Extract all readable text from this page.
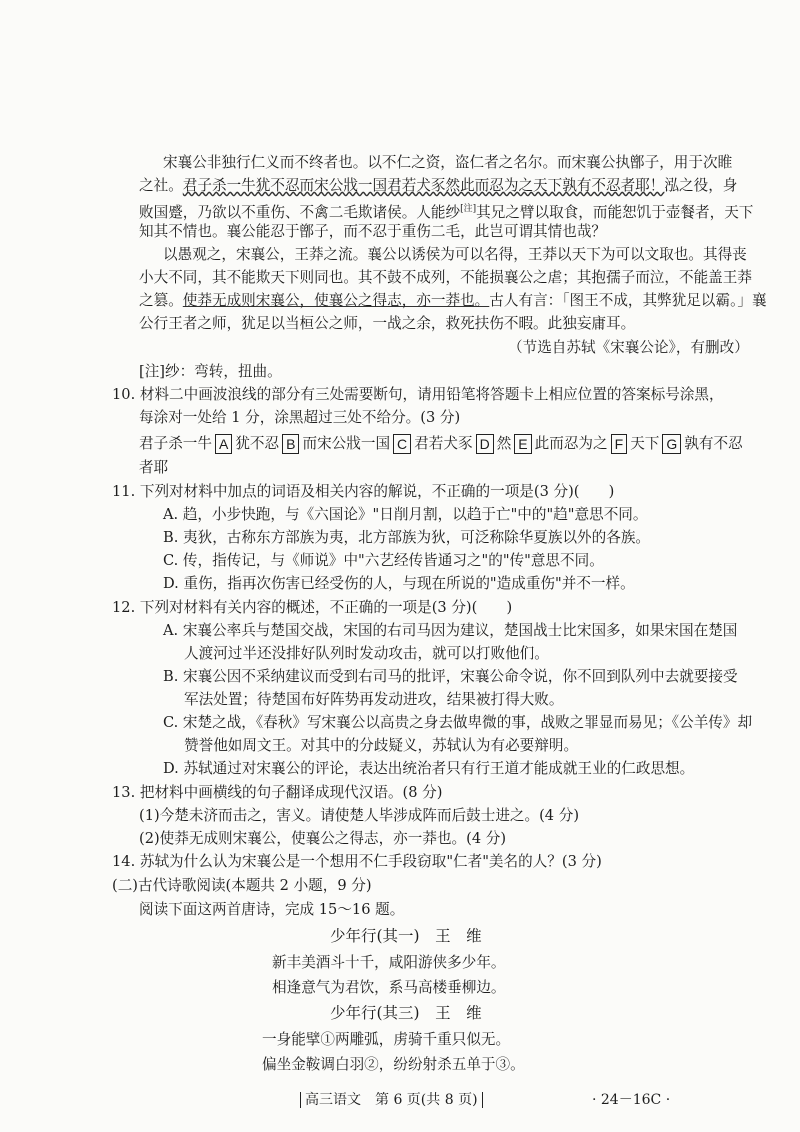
宋襄公非独行仁义而不终者也。以不仁之资，盗仁者之名尔。而宋襄公执鄫子，用于次睢
之社。君子杀一牛犹不忍而宋公戕一国君若犬豕然此而忍为之天下孰有不忍者耶！泓之役，身
败国蹙，乃欲以不重伤、不禽二毛欺诸侯。人能纱[注]其兄之臂以取食，而能恕饥于壶餐者，天下
知其不情也。襄公能忍于鄫子，而不忍于重伤二毛，此岂可谓其情也哉？
以愚观之，宋襄公，王莽之流。襄公以诱侯为可以名得，王莽以天下为可以文取也。其得丧
小大不同，其不能欺天下则同也。其不鼓不成列，不能损襄公之虐；其抱孺子而泣，不能盖王莽
之篡。使莽无成则宋襄公，使襄公之得志，亦一莽也。古人有言：「图王不成，其弊犹足以霸。」襄
公行王者之师，犹足以当桓公之师，一战之余，救死扶伤不暇。此独妄庸耳。
（节选自苏轼《宋襄公论》，有删改）
[注]纱：弯转，扭曲。
10. 材料二中画波浪线的部分有三处需要断句，请用铅笔将答题卡上相应位置的答案标号涂黑，
每涂对一处给 1 分，涂黑超过三处不给分。(3 分)
君子杀一牛 A 犹不忍 B 而宋公戕一国 C 君若犬豕 D 然 E 此而忍为之 F 天下 G 孰有不忍
者耶
11. 下列对材料中加点的词语及相关内容的解说，不正确的一项是(3 分)(　　)
A. 趋，小步快跑，与《六国论》"日削月割，以趋于亡"中的"趋"意思不同。
B. 夷狄，古称东方部族为夷，北方部族为狄，可泛称除华夏族以外的各族。
C. 传，指传记，与《师说》中"六艺经传皆通习之"的"传"意思不同。
D. 重伤，指再次伤害已经受伤的人，与现在所说的"造成重伤"并不一样。
12. 下列对材料有关内容的概述，不正确的一项是(3 分)(　　)
A. 宋襄公率兵与楚国交战，宋国的右司马因为建议，楚国战士比宋国多，如果宋国在楚国
人渡河过半还没排好队列时发动攻击，就可以打败他们。
B. 宋襄公因不采纳建议而受到右司马的批评，宋襄公命令说，你不回到队列中去就要接受
军法处置；待楚国布好阵势再发动进攻，结果被打得大败。
C. 宋楚之战，《春秋》写宋襄公以高贵之身去做卑微的事，战败之罪显而易见；《公羊传》却
赞誉他如周文王。对其中的分歧疑义，苏轼认为有必要辩明。
D. 苏轼通过对宋襄公的评论，表达出统治者只有行王道才能成就王业的仁政思想。
13. 把材料中画横线的句子翻译成现代汉语。(8 分)
(1)今楚未济而击之，害义。请使楚人毕涉成阵而后鼓士进之。(4 分)
(2)使莽无成则宋襄公，使襄公之得志，亦一莽也。(4 分)
14. 苏轼为什么认为宋襄公是一个想用不仁手段窃取"仁者"美名的人？(3 分)
(二)古代诗歌阅读(本题共 2 小题，9 分)
阅读下面这两首唐诗，完成 15～16 题。
少年行(其一)　 王　维
新丰美酒斗十千，咸阳游侠多少年。
相逢意气为君饮，系马高楼垂柳边。
少年行(其三)　 王　维
一身能擘①两雕弧，虏骑千重只似无。
偏坐金鞍调白羽②，纷纷射杀五单于③。
高三语文　第 6 页(共 8 页)	· 24－16C ·
